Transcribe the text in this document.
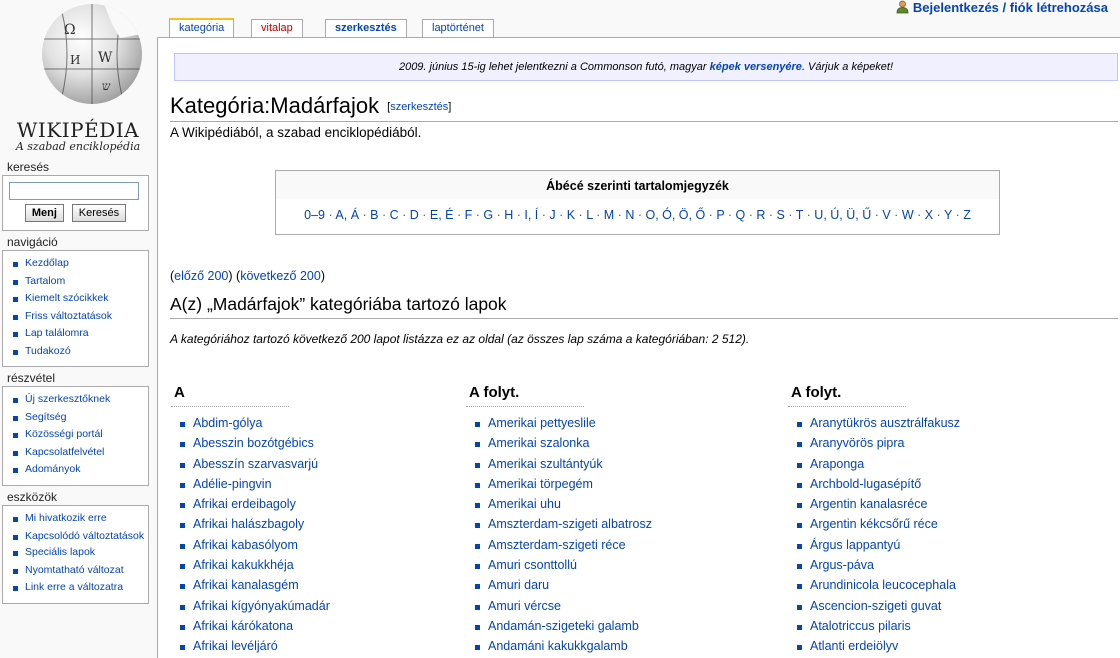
Ω
W
И
ש
WIKIPÉDIA
A szabad enciklopédia
Bejelentkezés / fiók létrehozása
kategória	vitalap	szerkesztés	laptörténet
keresés
Menj Keresés
navigáció
Kezdőlap
Tartalom
Kiemelt szócikkek
Friss változtatások
Lap találomra
Tudakozó
részvétel
Új szerkesztőknek
Segítség
Közösségi portál
Kapcsolatfelvétel
Adományok
eszközök
Mi hivatkozik erre
Kapcsolódó változtatások
Speciális lapok
Nyomtatható változat
Link erre a változatra
2009. június 15-ig lehet jelentkezni a Commonson futó, magyar képek versenyére. Várjuk a képeket!
Kategória:Madárfajok [szerkesztés]
A Wikipédiából, a szabad enciklopédiából.
Ábécé szerinti tartalomjegyzék
0–9 · A, Á · B · C · D · E, É · F · G · H · I, Í · J · K · L · M · N · O, Ó, Ö, Ő · P · Q · R · S · T · U, Ú, Ü, Ű · V · W · X · Y · Z
(előző 200) (következő 200)
A(z) „Madárfajok” kategóriába tartozó lapok
A kategóriához tartozó következő 200 lapot listázza ez az oldal (az összes lap száma a kategóriában: 2 512).
A
Abdim-gólya
Abesszin bozótgébics
Abesszín szarvasvarjú
Adélie-pingvin
Afrikai erdeibagoly
Afrikai halászbagoly
Afrikai kabasólyom
Afrikai kakukkhéja
Afrikai kanalasgém
Afrikai kígyónyakúmadár
Afrikai kárókatona
Afrikai levéljáró
A folyt.
Amerikai pettyeslile
Amerikai szalonka
Amerikai szultántyúk
Amerikai törpegém
Amerikai uhu
Amszterdam-szigeti albatrosz
Amszterdam-szigeti réce
Amuri csonttollú
Amuri daru
Amuri vércse
Andamán-szigeteki galamb
Andamáni kakukkgalamb
A folyt.
Aranytükrös ausztrálfakusz
Aranyvörös pipra
Araponga
Archbold-lugasépítő
Argentin kanalasréce
Argentin kékcsőrű réce
Árgus lappantyú
Argus-páva
Arundinicola leucocephala
Ascencion-szigeti guvat
Atalotriccus pilaris
Atlanti erdeiölyv
